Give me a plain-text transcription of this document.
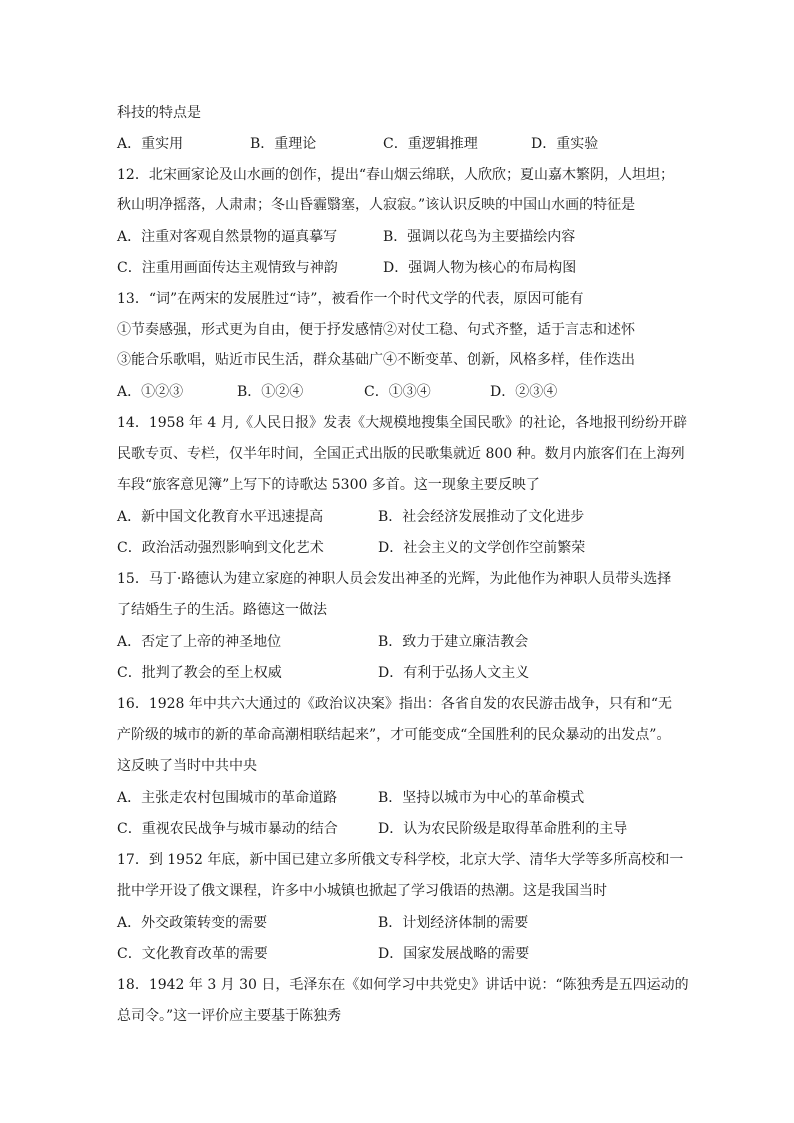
科技的特点是
A．重实用	B．重理论	C．重逻辑推理	D．重实验
12．北宋画家论及山水画的创作，提出“春山烟云绵联，人欣欣；夏山嘉木繁阴，人坦坦；
秋山明净摇落，人肃肃；冬山昏霾翳塞，人寂寂。”该认识反映的中国山水画的特征是
A．注重对客观自然景物的逼真摹写	B．强调以花鸟为主要描绘内容
C．注重用画面传达主观情致与神韵	D．强调人物为核心的布局构图
13．“词”在两宋的发展胜过“诗”，被看作一个时代文学的代表，原因可能有
①节奏感强，形式更为自由，便于抒发感情②对仗工稳、句式齐整，适于言志和述怀
③能合乐歌唱，贴近市民生活，群众基础广④不断变革、创新，风格多样，佳作迭出
A．①②③	B．①②④	C．①③④	D．②③④
14．1958 年 4 月,《人民日报》发表《大规模地搜集全国民歌》的社论，各地报刊纷纷开辟
民歌专页、专栏，仅半年时间，全国正式出版的民歌集就近 800 种。数月内旅客们在上海列
车段“旅客意见簿”上写下的诗歌达 5300 多首。这一现象主要反映了
A．新中国文化教育水平迅速提高	B．社会经济发展推动了文化进步
C．政治活动强烈影响到文化艺术	D．社会主义的文学创作空前繁荣
15．马丁·路德认为建立家庭的神职人员会发出神圣的光辉，为此他作为神职人员带头选择
了结婚生子的生活。路德这一做法
A．否定了上帝的神圣地位	B．致力于建立廉洁教会
C．批判了教会的至上权威	D．有利于弘扬人文主义
16．1928 年中共六大通过的《政治议决案》指出：各省自发的农民游击战争，只有和“无
产阶级的城市的新的革命高潮相联结起来”，才可能变成“全国胜利的民众暴动的出发点”。
这反映了当时中共中央
A．主张走农村包围城市的革命道路	B．坚持以城市为中心的革命模式
C．重视农民战争与城市暴动的结合	D．认为农民阶级是取得革命胜利的主导
17．到 1952 年底，新中国已建立多所俄文专科学校，北京大学、清华大学等多所高校和一
批中学开设了俄文课程，许多中小城镇也掀起了学习俄语的热潮。这是我国当时
A．外交政策转变的需要	B．计划经济体制的需要
C．文化教育改革的需要	D．国家发展战略的需要
18．1942 年 3 月 30 日，毛泽东在《如何学习中共党史》讲话中说：“陈独秀是五四运动的
总司令。”这一评价应主要基于陈独秀
